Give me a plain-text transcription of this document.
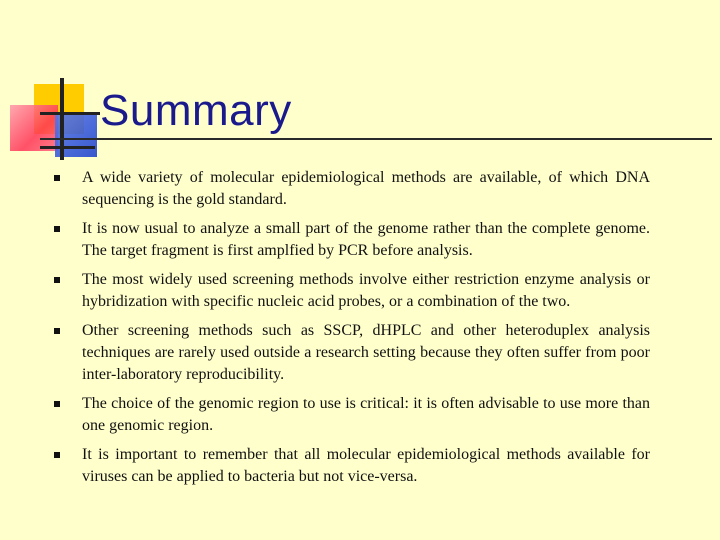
Summary
A wide variety of molecular epidemiological methods are available, of which DNA sequencing is the gold standard.
It is now usual to analyze a small part of the genome rather than the complete genome. The target fragment is first amplfied by PCR before analysis.
The most widely used screening methods involve either restriction enzyme analysis or hybridization with specific nucleic acid probes, or a combination of the two.
Other screening methods such as SSCP, dHPLC and other heteroduplex analysis techniques are rarely used outside a research setting because they often suffer from poor inter-laboratory reproducibility.
The choice of the genomic region to use is critical: it is often advisable to use more than one genomic region.
It is important to remember that all molecular epidemiological methods available for viruses can be applied to bacteria but not vice-versa.
